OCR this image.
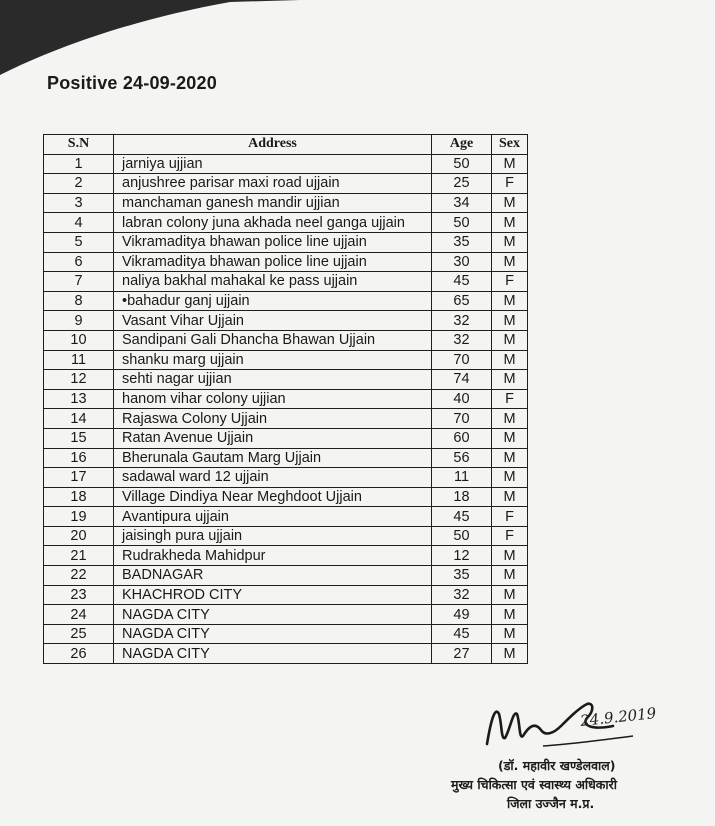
Positive 24-09-2020
S.N	Address	Age	Sex
1	jarniya ujjian	50	M
2	anjushree parisar maxi road ujjain	25	F
3	manchaman ganesh mandir ujjian	34	M
4	labran colony juna akhada neel ganga ujjain	50	M
5	Vikramaditya bhawan police line ujjain	35	M
6	Vikramaditya bhawan police line ujjain	30	M
7	naliya bakhal mahakal ke pass ujjain	45	F
8	•bahadur ganj ujjain	65	M
9	Vasant Vihar Ujjain	32	M
10	Sandipani Gali Dhancha Bhawan Ujjain	32	M
11	shanku marg ujjain	70	M
12	sehti nagar ujjian	74	M
13	hanom vihar colony ujjian	40	F
14	Rajaswa Colony Ujjain	70	M
15	Ratan Avenue Ujjain	60	M
16	Bherunala Gautam Marg Ujjain	56	M
17	sadawal ward 12 ujjain	11	M
18	Village Dindiya Near Meghdoot Ujjain	18	M
19	Avantipura ujjain	45	F
20	jaisingh pura ujjain	50	F
21	Rudrakheda Mahidpur	12	M
22	BADNAGAR	35	M
23	KHACHROD CITY	32	M
24	NAGDA CITY	49	M
25	NAGDA CITY	45	M
26	NAGDA CITY	27	M
24.9.2019
(डॉ. महावीर खण्डेलवाल)
मुख्य चिकित्सा एवं स्वास्थ्य अधिकारी
जिला उज्जैन म.प्र.
